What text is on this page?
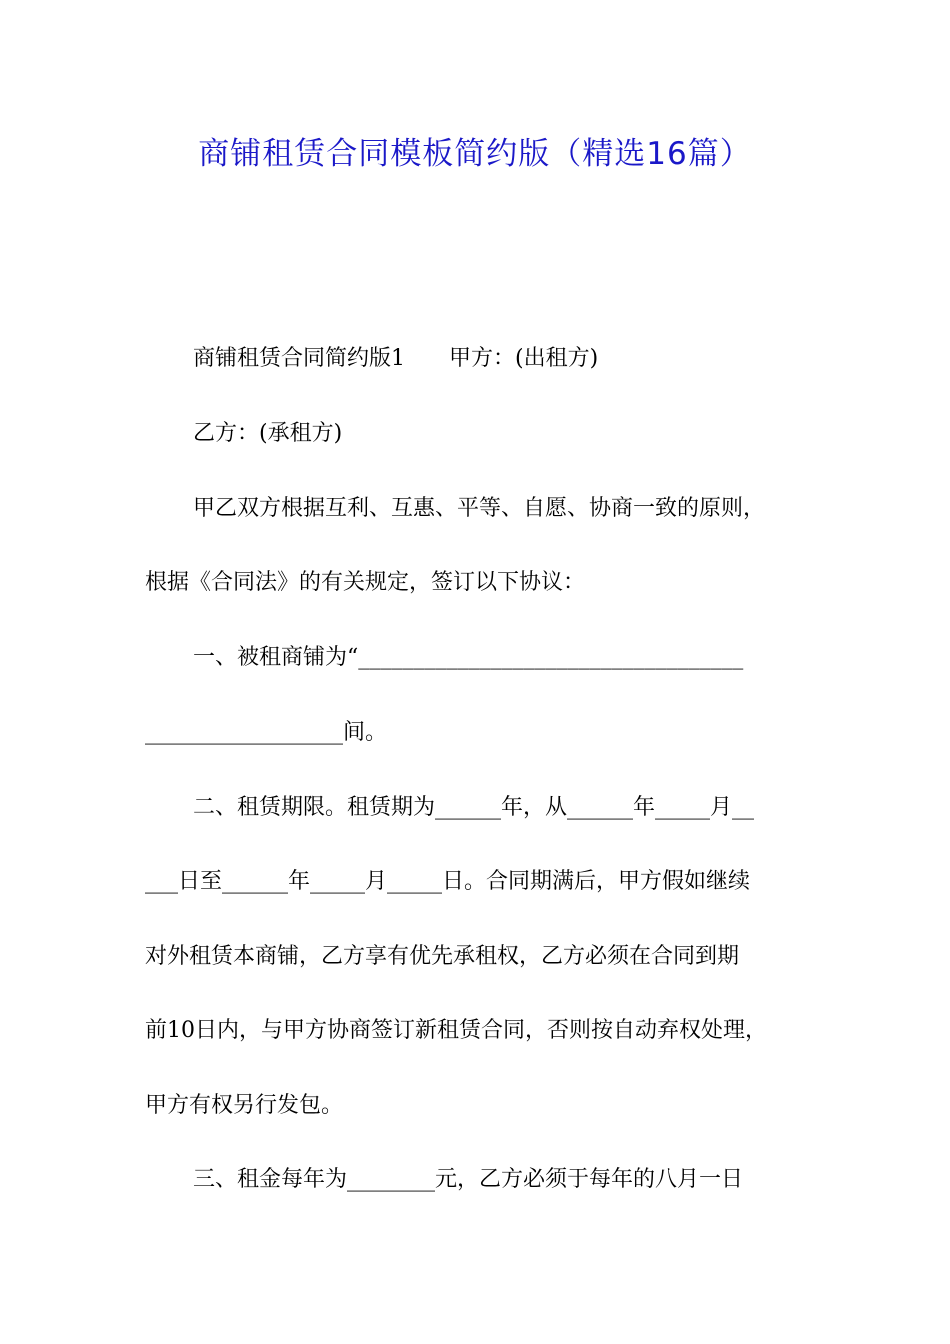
商铺租赁合同模板简约版（精选16篇）
商铺租赁合同简约版1　　甲方：(出租方)
乙方：(承租方)
甲乙双方根据互利、互惠、平等、自愿、协商一致的原则，
根据《合同法》的有关规定，签订以下协议：
一、被租商铺为“___________________________________
__________________间。
二、租赁期限。租赁期为______年，从______年_____月__
___日至______年_____月_____日。合同期满后，甲方假如继续
对外租赁本商铺，乙方享有优先承租权，乙方必须在合同到期
前10日内，与甲方协商签订新租赁合同，否则按自动弃权处理，
甲方有权另行发包。
三、租金每年为________元，乙方必须于每年的八月一日
